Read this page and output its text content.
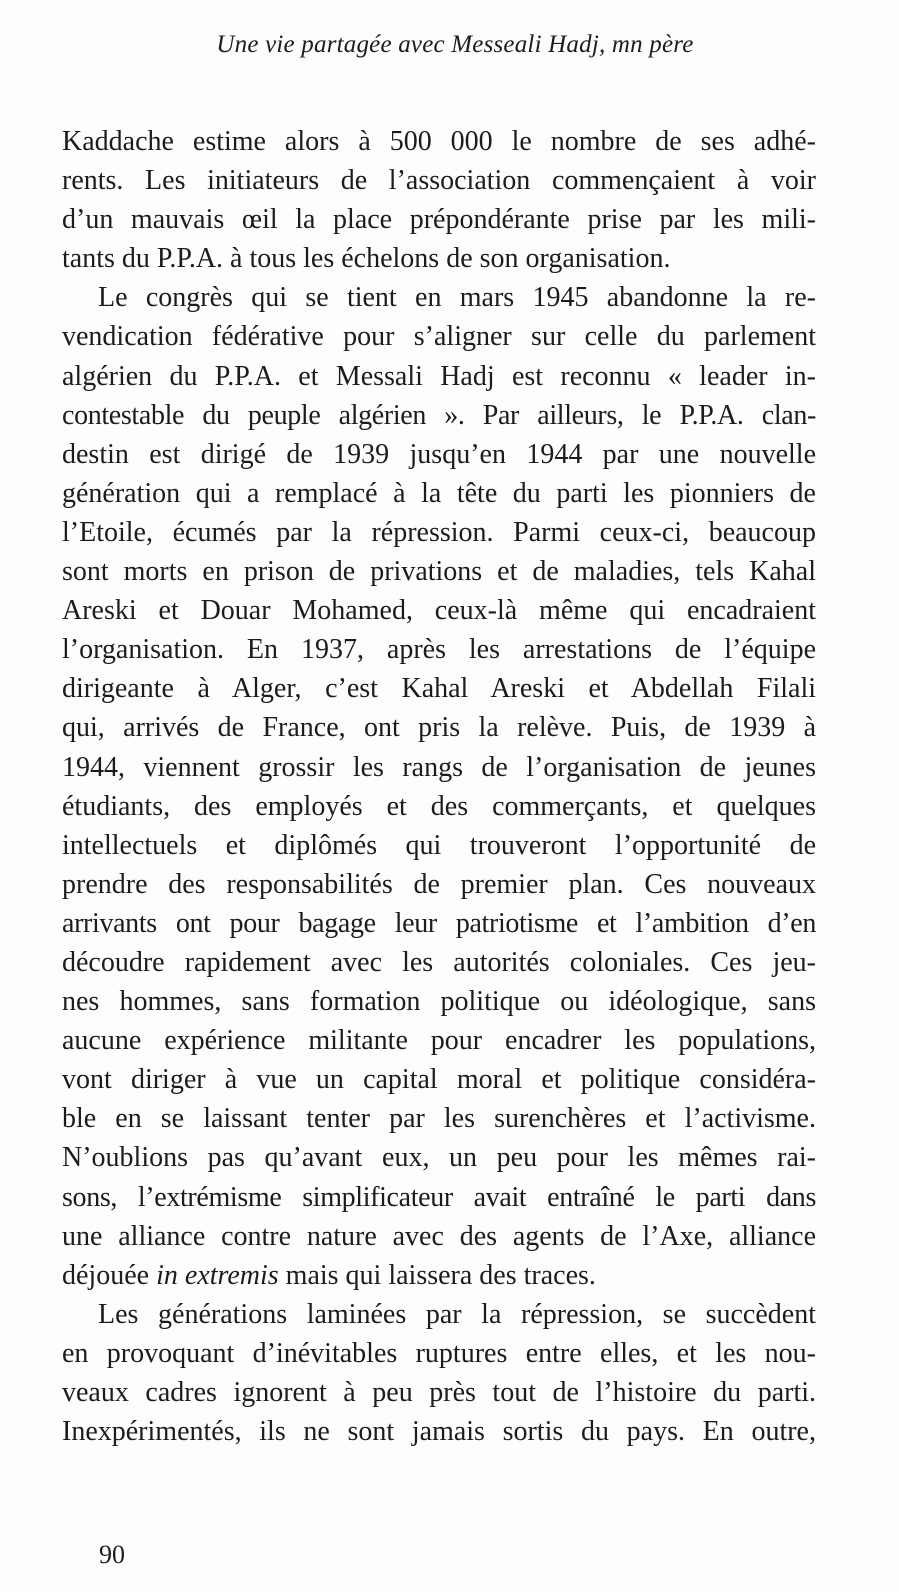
Une vie partagée avec Messeali Hadj, mn père
Kaddache estime alors à 500 000 le nombre de ses adhé-
rents. Les initiateurs de l’association commençaient à voir
d’un mauvais œil la place prépondérante prise par les mili-
tants du P.P.A. à tous les échelons de son organisation.
Le congrès qui se tient en mars 1945 abandonne la re-
vendication fédérative pour s’aligner sur celle du parlement
algérien du P.P.A. et Messali Hadj est reconnu « leader in-
contestable du peuple algérien ». Par ailleurs, le P.P.A. clan-
destin est dirigé de 1939 jusqu’en 1944 par une nouvelle
génération qui a remplacé à la tête du parti les pionniers de
l’Etoile, écumés par la répression. Parmi ceux-ci, beaucoup
sont morts en prison de privations et de maladies, tels Kahal
Areski et Douar Mohamed, ceux-là même qui encadraient
l’organisation. En 1937, après les arrestations de l’équipe
dirigeante à Alger, c’est Kahal Areski et Abdellah Filali
qui, arrivés de France, ont pris la relève. Puis, de 1939 à
1944, viennent grossir les rangs de l’organisation de jeunes
étudiants, des employés et des commerçants, et quelques
intellectuels et diplômés qui trouveront l’opportunité de
prendre des responsabilités de premier plan. Ces nouveaux
arrivants ont pour bagage leur patriotisme et l’ambition d’en
découdre rapidement avec les autorités coloniales. Ces jeu-
nes hommes, sans formation politique ou idéologique, sans
aucune expérience militante pour encadrer les populations,
vont diriger à vue un capital moral et politique considéra-
ble en se laissant tenter par les surenchères et l’activisme.
N’oublions pas qu’avant eux, un peu pour les mêmes rai-
sons, l’extrémisme simplificateur avait entraîné le parti dans
une alliance contre nature avec des agents de l’Axe, alliance
déjouée in extremis mais qui laissera des traces.
Les générations laminées par la répression, se succèdent
en provoquant d’inévitables ruptures entre elles, et les nou-
veaux cadres ignorent à peu près tout de l’histoire du parti.
Inexpérimentés, ils ne sont jamais sortis du pays. En outre,
90
